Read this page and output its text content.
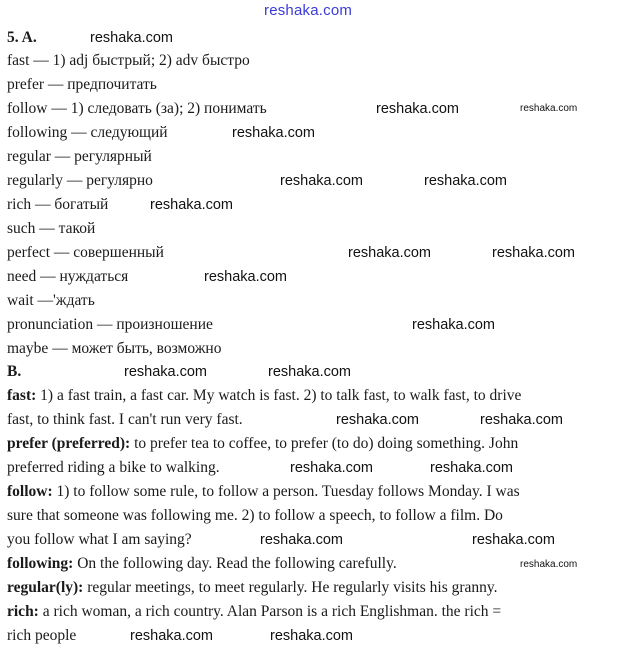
reshaka.com
5. A.
fast — 1) adj быстрый; 2) adv быстро
prefer — предпочитать
follow — 1) следовать (за); 2) понимать
following — следующий
regular — регулярный
regularly — регулярно
rich — богатый
such — такой
perfect — совершенный
need — нуждаться
wait —'ждать
pronunciation — произношение
maybe — может быть, возможно
B.
fast: 1) a fast train, a fast car. My watch is fast. 2) to talk fast, to walk fast, to drive
fast, to think fast. I can't run very fast.
prefer (preferred): to prefer tea to coffee, to prefer (to do) doing something. John
preferred riding a bike to walking.
follow: 1) to follow some rule, to follow a person. Tuesday follows Monday. I was
sure that someone was following me. 2) to follow a speech, to follow a film. Do
you follow what I am saying?
following: On the following day. Read the following carefully.
regular(ly): regular meetings, to meet regularly. He regularly visits his granny.
rich: a rich woman, a rich country. Alan Parson is a rich Englishman. the rich =
rich people
reshaka.com
reshaka.com	reshaka.com
reshaka.com
reshaka.com	reshaka.com
reshaka.com
reshaka.com	reshaka.com
reshaka.com
reshaka.com
reshaka.com	reshaka.com
reshaka.com	reshaka.com
reshaka.com	reshaka.com
reshaka.com	reshaka.com
reshaka.com
reshaka.com	reshaka.com
